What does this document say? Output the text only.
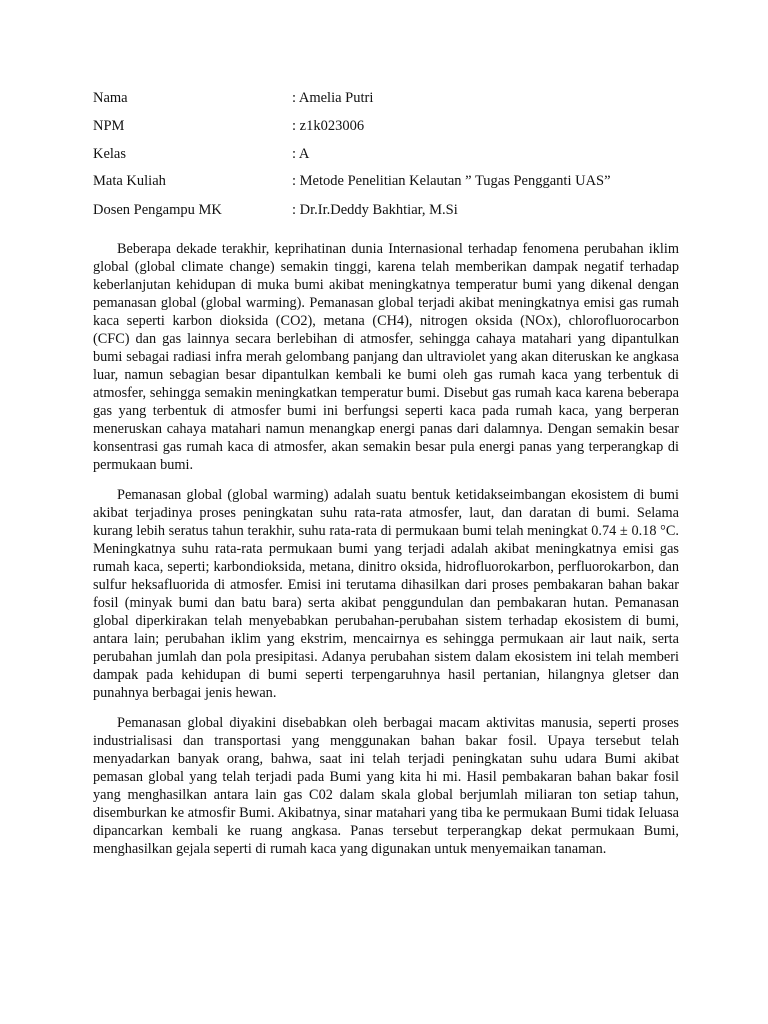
Nama	: Amelia Putri
NPM	: z1k023006
Kelas	: A
Mata Kuliah	: Metode Penelitian Kelautan ” Tugas Pengganti UAS”
Dosen Pengampu MK	: Dr.Ir.Deddy Bakhtiar, M.Si

Beberapa dekade terakhir, keprihatinan dunia Internasional terhadap fenomena perubahan iklim global (global climate change) semakin tinggi, karena telah memberikan dampak negatif terhadap keberlanjutan kehidupan di muka bumi akibat meningkatnya temperatur bumi yang dikenal dengan pemanasan global (global warming). Pemanasan global terjadi akibat meningkatnya emisi gas rumah kaca seperti karbon dioksida (CO2), metana (CH4), nitrogen oksida (NOx), chlorofluorocarbon (CFC) dan gas lainnya secara berlebihan di atmosfer, sehingga cahaya matahari yang dipantulkan bumi sebagai radiasi infra merah gelombang panjang dan ultraviolet yang akan diteruskan ke angkasa luar, namun sebagian besar dipantulkan kembali ke bumi oleh gas rumah kaca yang terbentuk di atmosfer, sehingga semakin meningkatkan temperatur bumi. Disebut gas rumah kaca karena beberapa gas yang terbentuk di atmosfer bumi ini berfungsi seperti kaca pada rumah kaca, yang berperan meneruskan cahaya matahari namun menangkap energi panas dari dalamnya. Dengan semakin besar konsentrasi gas rumah kaca di atmosfer, akan semakin besar pula energi panas yang terperangkap di permukaan bumi.

Pemanasan global (global warming) adalah suatu bentuk ketidakseimbangan ekosistem di bumi akibat terjadinya proses peningkatan suhu rata-rata atmosfer, laut, dan daratan di bumi. Selama kurang lebih seratus tahun terakhir, suhu rata-rata di permukaan bumi telah meningkat 0.74 ± 0.18 °C. Meningkatnya suhu rata-rata permukaan bumi yang terjadi adalah akibat meningkatnya emisi gas rumah kaca, seperti; karbondioksida, metana, dinitro oksida, hidrofluorokarbon, perfluorokarbon, dan sulfur heksafluorida di atmosfer. Emisi ini terutama dihasilkan dari proses pembakaran bahan bakar fosil (minyak bumi dan batu bara) serta akibat penggundulan dan pembakaran hutan. Pemanasan global diperkirakan telah menyebabkan perubahan-perubahan sistem terhadap ekosistem di bumi, antara lain; perubahan iklim yang ekstrim, mencairnya es sehingga permukaan air laut naik, serta perubahan jumlah dan pola presipitasi. Adanya perubahan sistem dalam ekosistem ini telah memberi dampak pada kehidupan di bumi seperti terpengaruhnya hasil pertanian, hilangnya gletser dan punahnya berbagai jenis hewan.

Pemanasan global diyakini disebabkan oleh berbagai macam aktivitas manusia, seperti proses industrialisasi dan transportasi yang menggunakan bahan bakar fosil. Upaya tersebut telah menyadarkan banyak orang, bahwa, saat ini telah terjadi peningkatan suhu udara Bumi akibat pemasan global yang telah terjadi pada Bumi yang kita hi mi. Hasil pembakaran bahan bakar fosil yang menghasilkan antara lain gas C02 dalam skala global berjumlah miliaran ton setiap tahun, disemburkan ke atmosfir Bumi. Akibatnya, sinar matahari yang tiba ke permukaan Bumi tidak Ieluasa dipancarkan kembali ke ruang angkasa. Panas tersebut terperangkap dekat permukaan Bumi, menghasilkan gejala seperti di rumah kaca yang digunakan untuk menyemaikan tanaman.
